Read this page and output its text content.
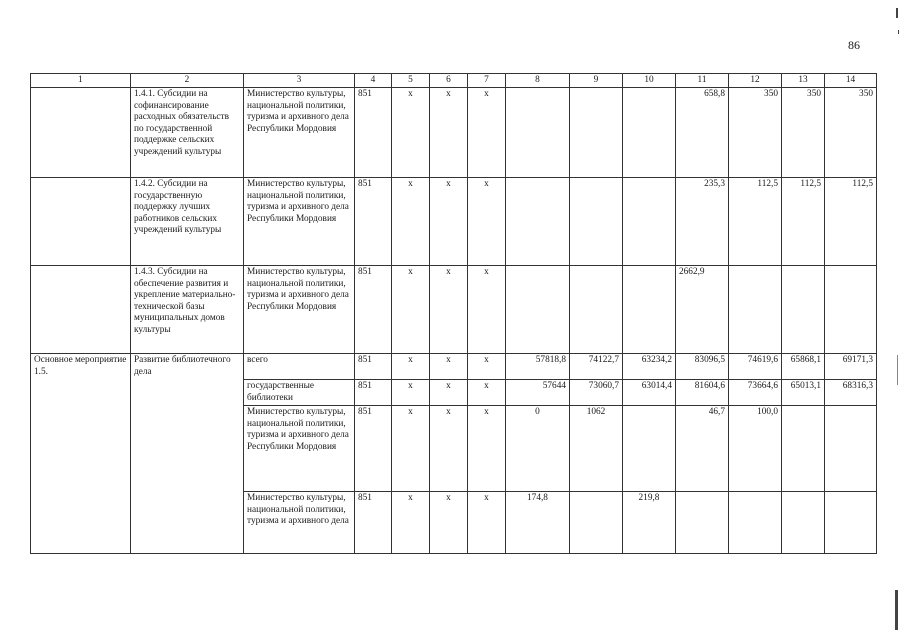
86
1	2	3	4	5	6	7	8	9	10	11	12	13	14
	1.4.1. Субсидии на софинансирование расходных обязательств по государственной поддержке сельских учреждений культуры	Министерство культуры, национальной политики, туризма и архивного дела Республики Мордовия	851	х	х	х				658,8	350	350	350
	1.4.2. Субсидии на государственную поддержку лучших работников сельских учреждений культуры	Министерство культуры, национальной политики, туризма и архивного дела Республики Мордовия	851	х	х	х				235,3	112,5	112,5	112,5
	1.4.3. Субсидии на обеспечение развития и укрепление материально-технической базы муниципальных домов культуры	Министерство культуры, национальной политики, туризма и архивного дела Республики Мордовия	851	х	х	х				2662,9			
Основное мероприятие 1.5.	Развитие библиотечного дела	всего	851	х	х	х	57818,8	74122,7	63234,2	83096,5	74619,6	65868,1	69171,3
		государственные библиотеки	851	х	х	х	57644	73060,7	63014,4	81604,6	73664,6	65013,1	68316,3
		Министерство культуры, национальной политики, туризма и архивного дела Республики Мордовия	851	х	х	х	0	1062		46,7	100,0		
		Министерство культуры, национальной политики, туризма и архивного дела	851	х	х	х	174,8		219,8				
